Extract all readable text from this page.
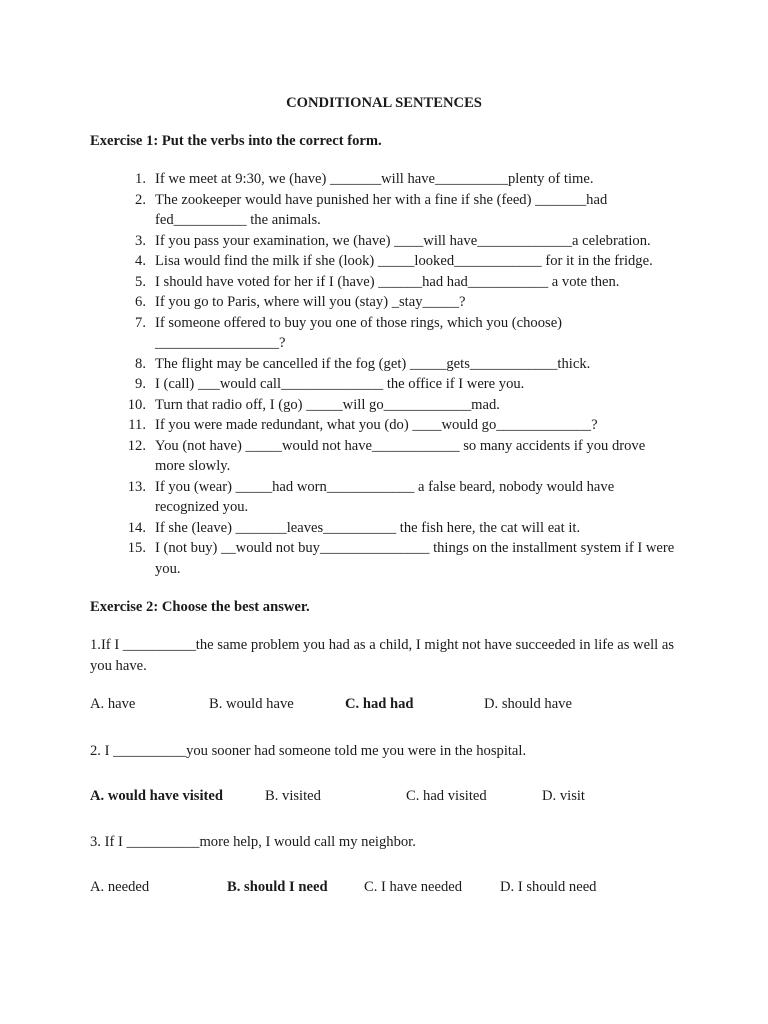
CONDITIONAL SENTENCES

Exercise 1: Put the verbs into the correct form.

1. If we meet at 9:30, we (have) _______will have__________plenty of time.
2. The zookeeper would have punished her with a fine if she (feed) _______had fed__________ the animals.
3. If you pass your examination, we (have) ____will have_____________a celebration.
4. Lisa would find the milk if she (look) _____looked____________ for it in the fridge.
5. I should have voted for her if I (have) ______had had___________ a vote then.
6. If you go to Paris, where will you (stay) _stay_____?
7. If someone offered to buy you one of those rings, which you (choose) _________________?
8. The flight may be cancelled if the fog (get) _____gets____________thick.
9. I (call) ___would call______________ the office if I were you.
10. Turn that radio off, I (go) _____will go____________mad.
11. If you were made redundant, what you (do) ____would go_____________?
12. You (not have) _____would not have____________ so many accidents if you drove more slowly.
13. If you (wear) _____had worn____________ a false beard, nobody would have recognized you.
14. If she (leave) _______leaves__________ the fish here, the cat will eat it.
15. I (not buy) __would not buy_______________ things on the installment system if I were you.

Exercise 2: Choose the best answer.

1.If I __________the same problem you had as a child, I might not have succeeded in life as well as you have.

A. have	B. would have	C. had had	D. should have

2. I __________you sooner had someone told me you were in the hospital.

A. would have visited	B. visited	C. had visited	D. visit

3. If I __________more help, I would call my neighbor.

A. needed	B. should I need C. I have needed	D. I should need
